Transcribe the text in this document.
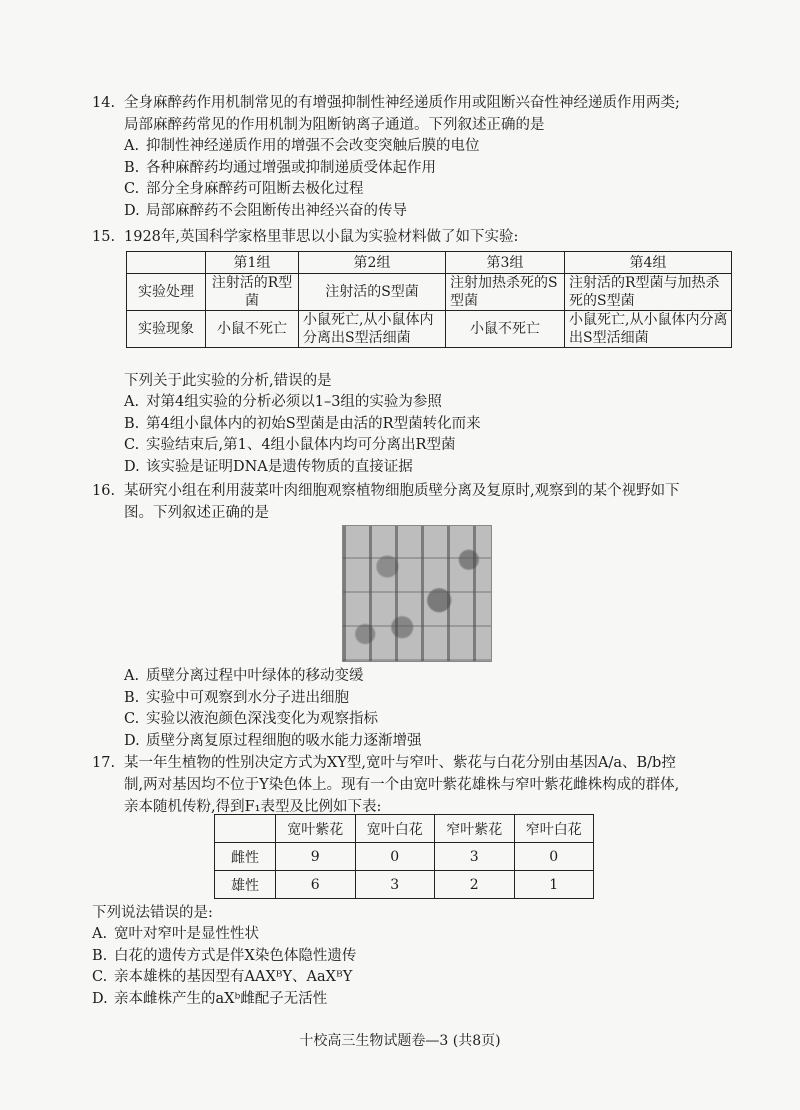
14. 全身麻醉药作用机制常见的有增强抑制性神经递质作用或阻断兴奋性神经递质作用两类;
局部麻醉药常见的作用机制为阻断钠离子通道。下列叙述正确的是
A. 抑制性神经递质作用的增强不会改变突触后膜的电位
B. 各种麻醉药均通过增强或抑制递质受体起作用
C. 部分全身麻醉药可阻断去极化过程
D. 局部麻醉药不会阻断传出神经兴奋的传导
15. 1928年,英国科学家格里菲思以小鼠为实验材料做了如下实验:
	第1组	第2组	第3组	第4组
实验处理	注射活的R型菌	注射活的S型菌	注射加热杀死的S型菌	注射活的R型菌与加热杀死的S型菌
实验现象	小鼠不死亡	小鼠死亡,从小鼠体内分离出S型活细菌	小鼠不死亡	小鼠死亡,从小鼠体内分离出S型活细菌
下列关于此实验的分析,错误的是
A. 对第4组实验的分析必须以1–3组的实验为参照
B. 第4组小鼠体内的初始S型菌是由活的R型菌转化而来
C. 实验结束后,第1、4组小鼠体内均可分离出R型菌
D. 该实验是证明DNA是遗传物质的直接证据
16. 某研究小组在利用菠菜叶肉细胞观察植物细胞质壁分离及复原时,观察到的某个视野如下
图。下列叙述正确的是
A. 质壁分离过程中叶绿体的移动变缓
B. 实验中可观察到水分子进出细胞
C. 实验以液泡颜色深浅变化为观察指标
D. 质壁分离复原过程细胞的吸水能力逐渐增强
17. 某一年生植物的性别决定方式为XY型,宽叶与窄叶、紫花与白花分别由基因A/a、B/b控
制,两对基因均不位于Y染色体上。现有一个由宽叶紫花雄株与窄叶紫花雌株构成的群体,
亲本随机传粉,得到F₁表型及比例如下表:
	宽叶紫花	宽叶白花	窄叶紫花	窄叶白花
雌性	9	0	3	0
雄性	6	3	2	1
下列说法错误的是:
A. 宽叶对窄叶是显性性状
B. 白花的遗传方式是伴X染色体隐性遗传
C. 亲本雄株的基因型有AAXᴮY、AaXᴮY
D. 亲本雌株产生的aXᵇ雌配子无活性
十校高三生物试题卷—3 (共8页)
